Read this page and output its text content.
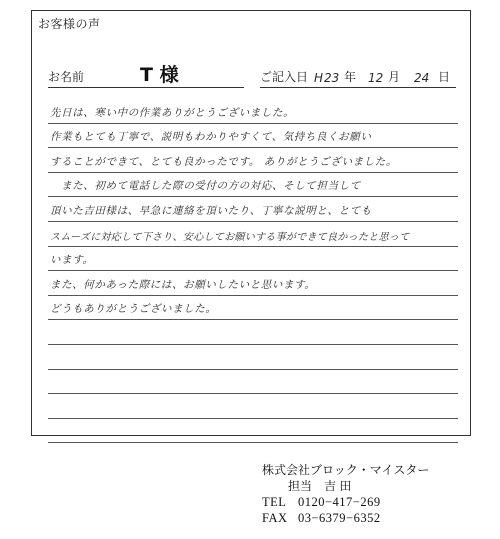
お客様の声
お名前	T 様	ご記入日 H 23 年 12 月 24 日
先日は、寒い中の作業ありがとうございました。
作業もとても丁寧で、説明もわかりやすくて、気持ち良くお願い
することができて、とても良かったです。 ありがとうございました。
　また、初めて電話した際の受付の方の対応、そして担当して
頂いた吉田様は、早急に連絡を頂いたり、丁寧な説明と、とても
スムーズに対応して下さり、安心してお願いする事ができて良かったと思って
います。
また、何かあった際には、お願いしたいと思います。
どうもありがとうございました。
株式会社ブロック・マイスター
担当　吉 田
TEL 0120−417−269
FAX 03−6379−6352
